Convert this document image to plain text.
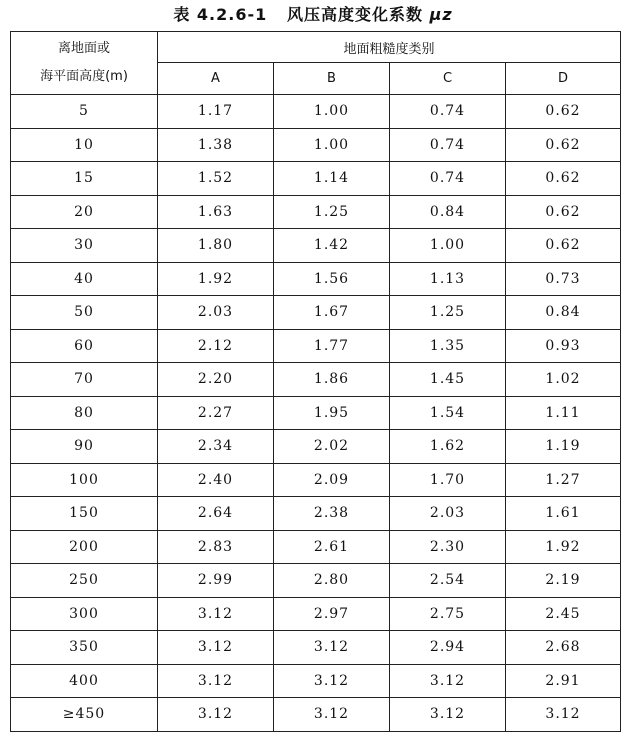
表 4.2.6-1 风压高度变化系数 μz
离地面或
海平面高度(m)	地面粗糙度类别			
	A	B	C	D
5	1.17	1.00	0.74	0.62
10	1.38	1.00	0.74	0.62
15	1.52	1.14	0.74	0.62
20	1.63	1.25	0.84	0.62
30	1.80	1.42	1.00	0.62
40	1.92	1.56	1.13	0.73
50	2.03	1.67	1.25	0.84
60	2.12	1.77	1.35	0.93
70	2.20	1.86	1.45	1.02
80	2.27	1.95	1.54	1.11
90	2.34	2.02	1.62	1.19
100	2.40	2.09	1.70	1.27
150	2.64	2.38	2.03	1.61
200	2.83	2.61	2.30	1.92
250	2.99	2.80	2.54	2.19
300	3.12	2.97	2.75	2.45
350	3.12	3.12	2.94	2.68
400	3.12	3.12	3.12	2.91
≥450	3.12	3.12	3.12	3.12
